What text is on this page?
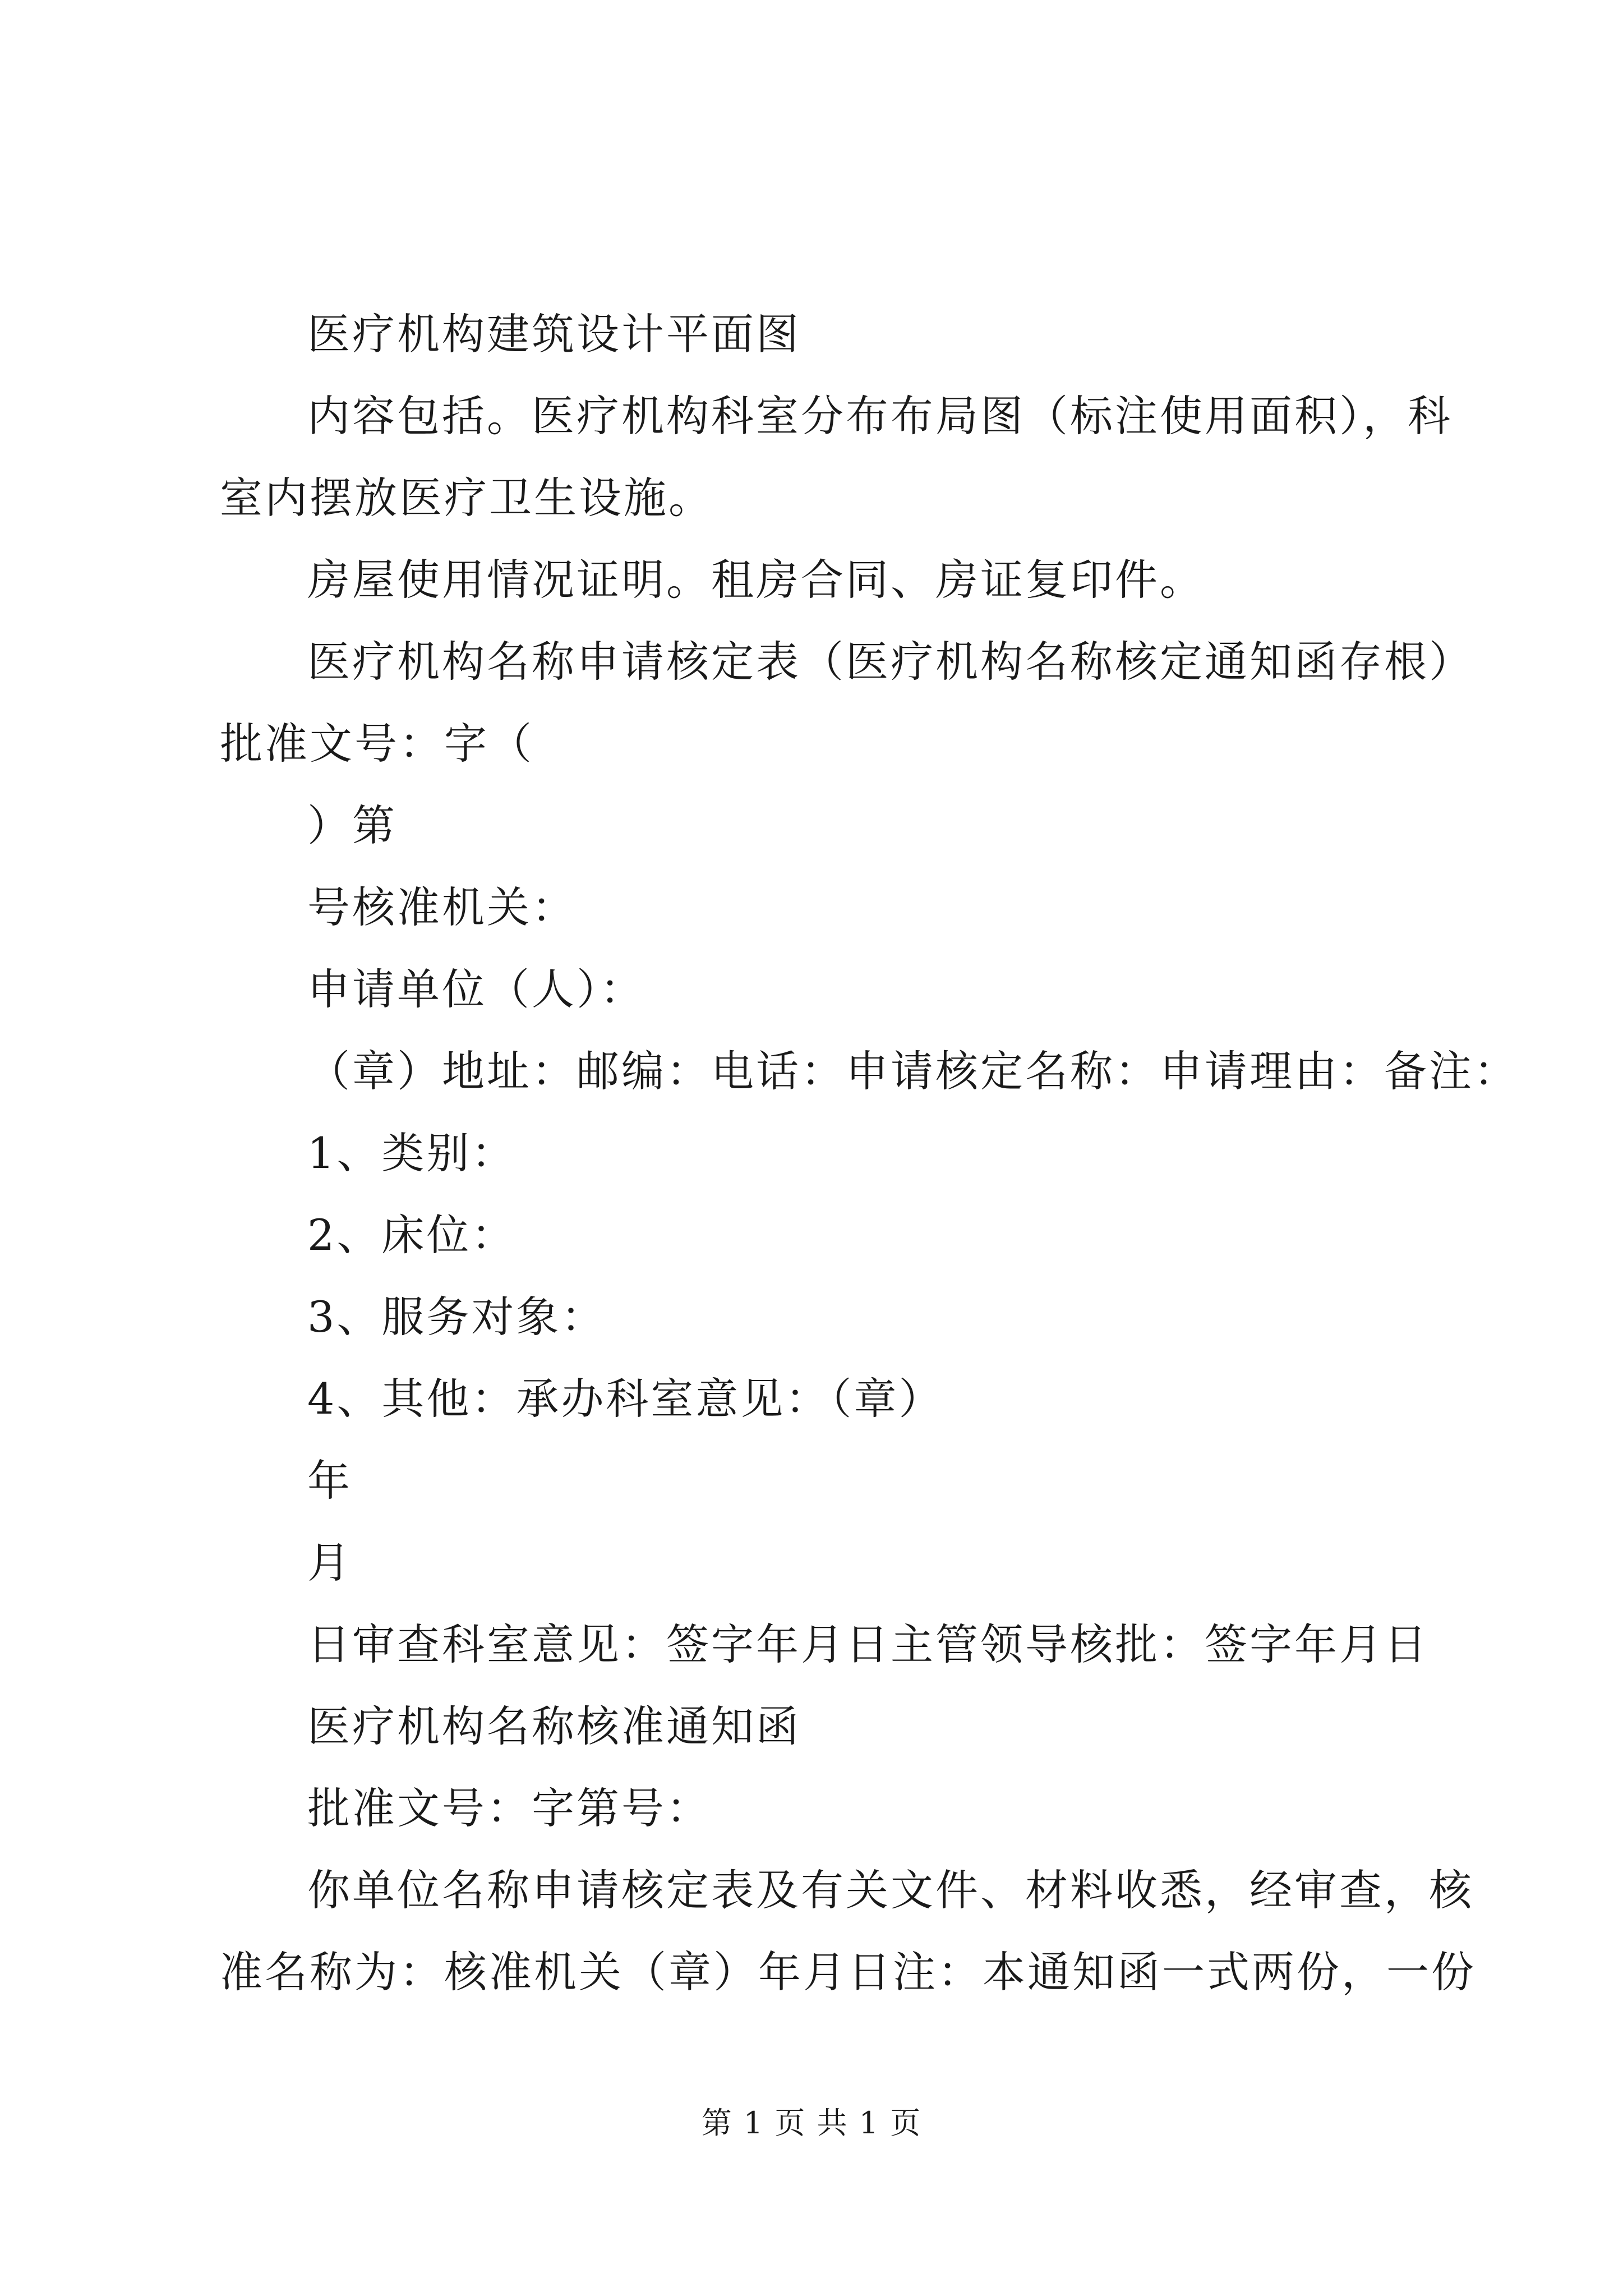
医疗机构建筑设计平面图
内容包括。医疗机构科室分布布局图（标注使用面积），科
室内摆放医疗卫生设施。
房屋使用情况证明。租房合同、房证复印件。
医疗机构名称申请核定表（医疗机构名称核定通知函存根）
批准文号：字（
）第
号核准机关：
申请单位（人）：
（章）地址：邮编：电话：申请核定名称：申请理由：备注：
1、类别：
2、床位：
3、服务对象：
4、其他：承办科室意见：（章）
年
月
日审查科室意见：签字年月日主管领导核批：签字年月日
医疗机构名称核准通知函
批准文号：字第号：
你单位名称申请核定表及有关文件、材料收悉，经审查，核
准名称为：核准机关（章）年月日注：本通知函一式两份，一份
第 1 页 共 1 页
